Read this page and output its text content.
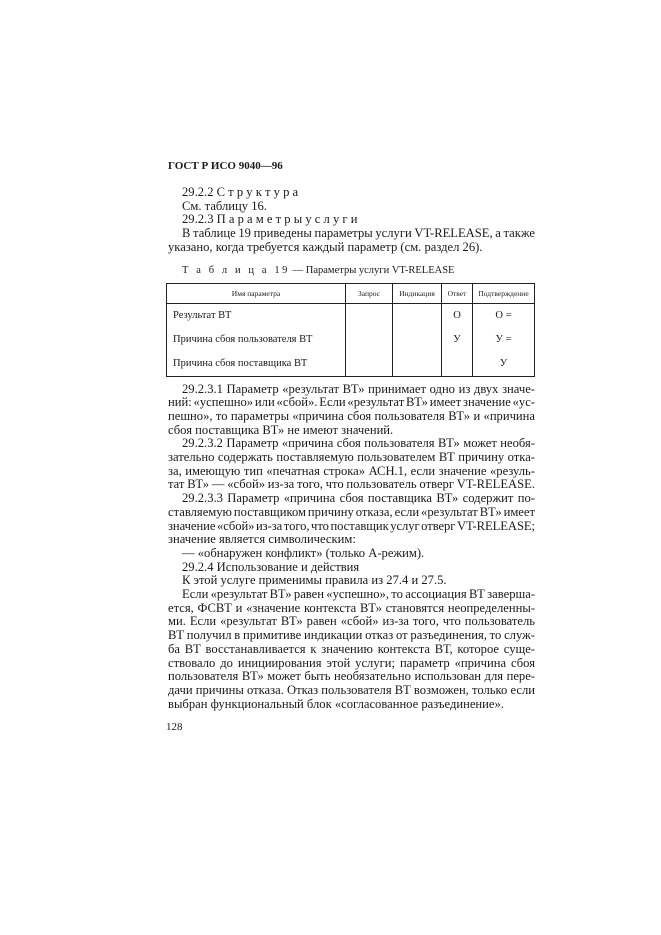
ГОСТ Р ИСО 9040—96
29.2.2 С т р у к т у р а
См. таблицу 16.
29.2.3 П а р а м е т р ы у с л у г и
В таблице 19 приведены параметры услуги VT-RELEASE, а также
указано, когда требуется каждый параметр (см. раздел 26).
Т а б л и ц а 19 — Параметры услуги VT-RELEASE
Имя параметра	Запрос	Индикация	Ответ	Подтверждение
Результат ВТ			О	О =
Причина сбоя пользователя ВТ			У	У =
Причина сбоя поставщика ВТ				У
29.2.3.1 Параметр «результат ВТ» принимает одно из двух значе-
ний: «успешно» или «сбой». Если «результат ВТ» имеет значение «ус-
пешно», то параметры «причина сбоя пользователя ВТ» и «причина
сбоя поставщика ВТ» не имеют значений.
29.2.3.2 Параметр «причина сбоя пользователя ВТ» может необя-
зательно содержать поставляемую пользователем ВТ причину отка-
за, имеющую тип «печатная строка» АСН.1, если значение «резуль-
тат ВТ» — «сбой» из-за того, что пользователь отверг VT-RELEASE.
29.2.3.3 Параметр «причина сбоя поставщика ВТ» содержит по-
ставляемую поставщиком причину отказа, если «результат ВТ» имеет
значение «сбой» из-за того, что поставщик услуг отверг VT-RELEASE;
значение является символическим:
— «обнаружен конфликт» (только А-режим).
29.2.4 Использование и действия
К этой услуге применимы правила из 27.4 и 27.5.
Если «результат ВТ» равен «успешно», то ассоциация ВТ заверша-
ется, ФСВТ и «значение контекста ВТ» становятся неопределенны-
ми. Если «результат ВТ» равен «сбой» из-за того, что пользователь
ВТ получил в примитиве индикации отказ от разъединения, то служ-
ба ВТ восстанавливается к значению контекста ВТ, которое суще-
ствовало до инициирования этой услуги; параметр «причина сбоя
пользователя ВТ» может быть необязательно использован для пере-
дачи причины отказа. Отказ пользователя ВТ возможен, только если
выбран функциональный блок «согласованное разъединение».
128
